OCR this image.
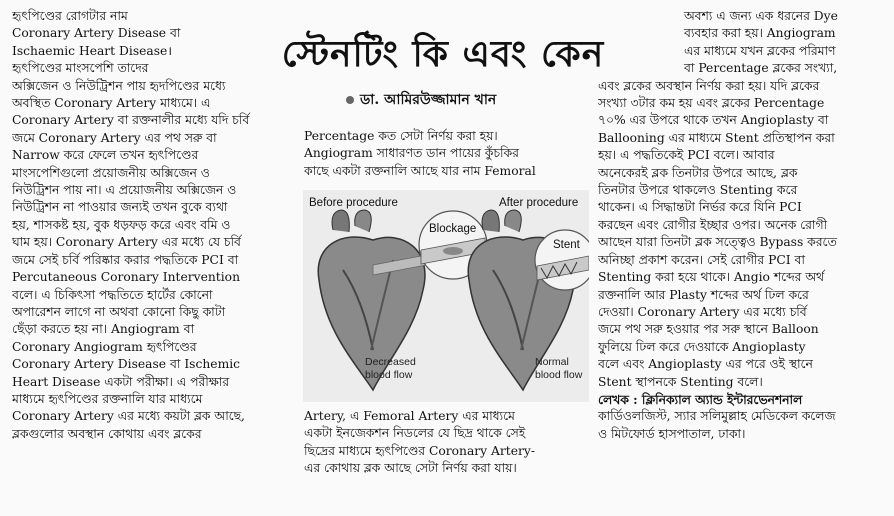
স্টেনটিং কি এবং কেন
ডা. আমিরউজ্জামান খান

হৃৎপিণ্ডের রোগটার নাম

Coronary Artery Disease বা

Ischaemic Heart Disease।

হৃৎপিণ্ডের মাংসপেশি তাদের

অক্সিজেন ও নিউট্রিশন পায় হৃদপিণ্ডের মধ্যে

অবস্থিত Coronary Artery মাধ্যমে। এ

Coronary Artery বা রক্তনালীর মধ্যে যদি চর্বি

জমে Coronary Artery এর পথ সরু বা

Narrow করে ফেলে তখন হৃৎপিণ্ডের

মাংসপেশিগুলো প্রয়োজনীয় অক্সিজেন ও

নিউট্রিশন পায় না। এ প্রয়োজনীয় অক্সিজেন ও

নিউট্রিশন না পাওয়ার জন্যই তখন বুকে ব্যথা

হয়, শাসকষ্ট হয়, বুক ধড়ফড় করে এবং বমি ও

ঘাম হয়। Coronary Artery এর মধ্যে যে চর্বি

জমে সেই চর্বি পরিষ্কার করার পদ্ধতিকে PCI বা

Percutaneous Coronary Intervention

বলে। এ চিকিৎসা পদ্ধতিতে হার্টের কোনো

অপারেশন লাগে না অথবা কোনো কিছু কাটা

ছেঁড়া করতে হয় না। Angiogram বা

Coronary Angiogram হৃৎপিণ্ডের

Coronary Artery Disease বা Ischemic

Heart Disease একটা পরীক্ষা। এ পরীক্ষার

মাধ্যমে হৃৎপিণ্ডের রক্তনালি যার মাধ্যমে

Coronary Artery এর মধ্যে কয়টা ব্লক আছে,

ব্লকগুলোর অবস্থান কোথায় এবং ব্লকের

Percentage কত সেটা নির্ণয় করা হয়।

Angiogram সাধারণত ডান পায়ের কুঁচকির

কাছে একটা রক্তনালি আছে যার নাম Femoral

Before procedure	After procedure
Blockage
Decreased
blood flow
Stent
Normal
blood flow

Artery, এ Femoral Artery এর মাধ্যমে

একটা ইনজেকশন নিডলের যে ছিদ্র থাকে সেই

ছিদ্রের মাধ্যমে হৃৎপিণ্ডের Coronary Artery-

এর কোথায় ব্লক আছে সেটা নির্ণয় করা যায়।

অবশ্য এ জন্য এক ধরনের Dye

ব্যবহার করা হয়। Angiogram

এর মাধ্যমে যখন ব্লকের পরিমাণ

বা Percentage ব্লকের সংখ্যা,

এবং ব্লকের অবস্থান নির্ণয় করা হয়। যদি ব্লকের

সংখ্যা ৩টার কম হয় এবং ব্লকের Percentage

৭০% এর উপরে থাকে তখন Angioplasty বা

Ballooning এর মাধ্যমে Stent প্রতিস্থাপন করা

হয়। এ পদ্ধতিকেই PCI বলে। আবার

অনেকেরই ব্লক তিনটার উপরে আছে, ব্লক

তিনটার উপরে থাকলেও Stenting করে

থাকেন। এ সিদ্ধান্তটা নির্ভর করে যিনি PCI

করছেন এবং রোগীর ইচ্ছার ওপর। অনেক রোগী

আছেন যারা তিনটা ব্লক সত্ত্বেও Bypass করতে

অনিচ্ছা প্রকাশ করেন। সেই রোগীর PCI বা

Stenting করা হয়ে থাকে। Angio শব্দের অর্থ

রক্তনালি আর Plasty শব্দের অর্থ ঢিল করে

দেওয়া। Coronary Artery এর মধ্যে চর্বি

জমে পথ সরু হওয়ার পর সরু স্থানে Balloon

ফুলিয়ে ঢিল করে দেওয়াকে Angioplasty

বলে এবং Angioplasty এর পরে ওই স্থানে

Stent স্থাপনকে Stenting বলে।

লেখক : ক্লিনিক্যাল অ্যান্ড ইন্টারভেনশনাল

কার্ডিওলজিস্ট, স্যার সলিমুল্লাহ মেডিকেল কলেজ

ও মিটফোর্ড হাসপাতাল, ঢাকা।
